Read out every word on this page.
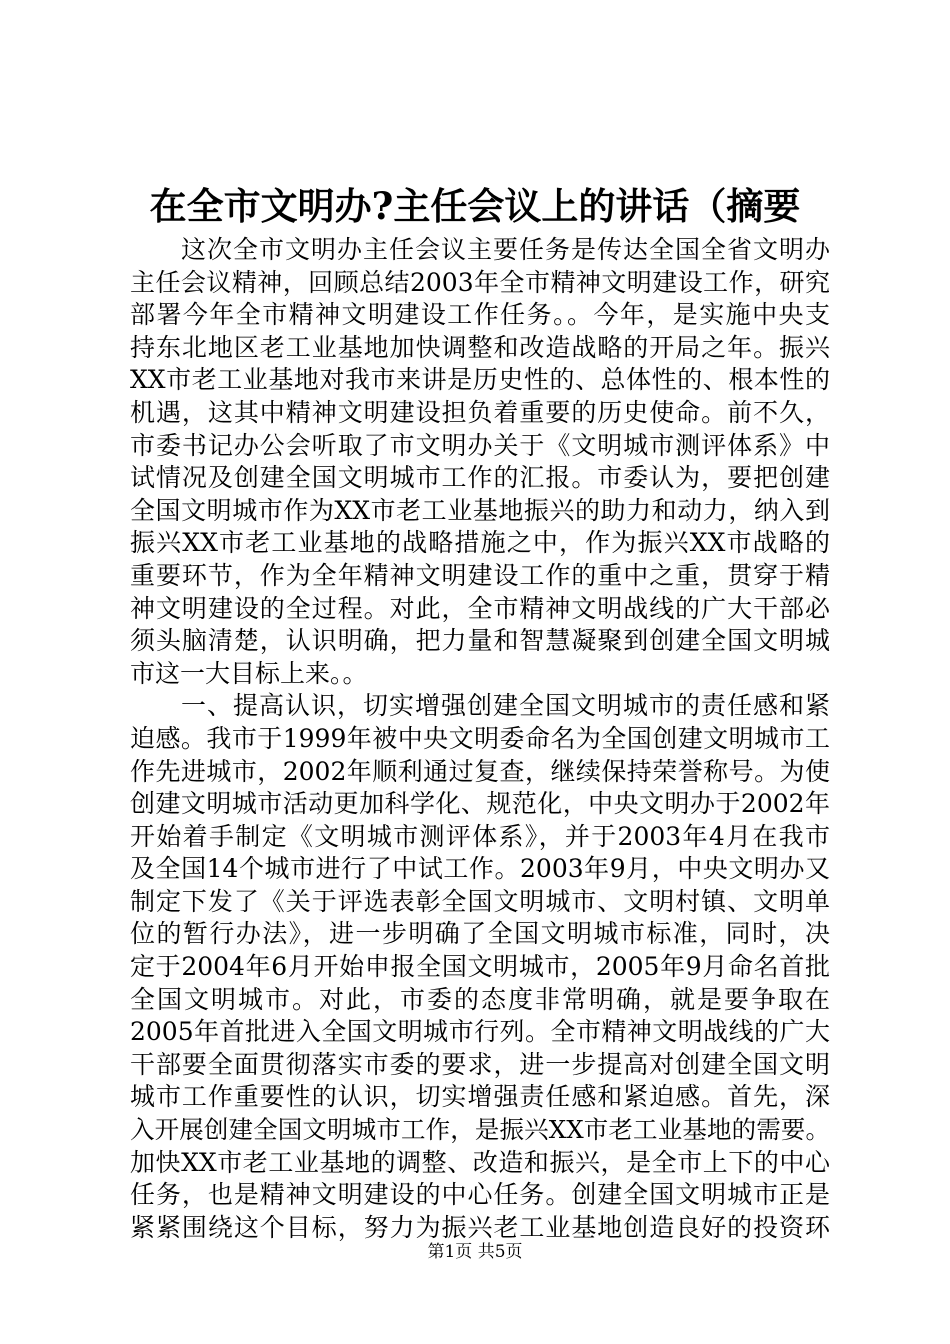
在全市文明办?主任会议上的讲话（摘要
这次全市文明办主任会议主要任务是传达全国全省文明办
主任会议精神，回顾总结2003年全市精神文明建设工作，研究
部署今年全市精神文明建设工作任务。。今年，是实施中央支
持东北地区老工业基地加快调整和改造战略的开局之年。振兴
XX市老工业基地对我市来讲是历史性的、总体性的、根本性的
机遇，这其中精神文明建设担负着重要的历史使命。前不久，
市委书记办公会听取了市文明办关于《文明城市测评体系》中
试情况及创建全国文明城市工作的汇报。市委认为，要把创建
全国文明城市作为XX市老工业基地振兴的助力和动力，纳入到
振兴XX市老工业基地的战略措施之中，作为振兴XX市战略的
重要环节，作为全年精神文明建设工作的重中之重，贯穿于精
神文明建设的全过程。对此，全市精神文明战线的广大干部必
须头脑清楚，认识明确，把力量和智慧凝聚到创建全国文明城
市这一大目标上来。。
一、提高认识，切实增强创建全国文明城市的责任感和紧
迫感。我市于1999年被中央文明委命名为全国创建文明城市工
作先进城市，2002年顺利通过复查，继续保持荣誉称号。为使
创建文明城市活动更加科学化、规范化，中央文明办于2002年
开始着手制定《文明城市测评体系》，并于2003年4月在我市
及全国14个城市进行了中试工作。2003年9月，中央文明办又
制定下发了《关于评选表彰全国文明城市、文明村镇、文明单
位的暂行办法》，进一步明确了全国文明城市标准，同时，决
定于2004年6月开始申报全国文明城市，2005年9月命名首批
全国文明城市。对此，市委的态度非常明确，就是要争取在
2005年首批进入全国文明城市行列。全市精神文明战线的广大
干部要全面贯彻落实市委的要求，进一步提高对创建全国文明
城市工作重要性的认识，切实增强责任感和紧迫感。首先，深
入开展创建全国文明城市工作，是振兴XX市老工业基地的需要。
加快XX市老工业基地的调整、改造和振兴，是全市上下的中心
任务，也是精神文明建设的中心任务。创建全国文明城市正是
紧紧围绕这个目标，努力为振兴老工业基地创造良好的投资环
第1页 共5页
